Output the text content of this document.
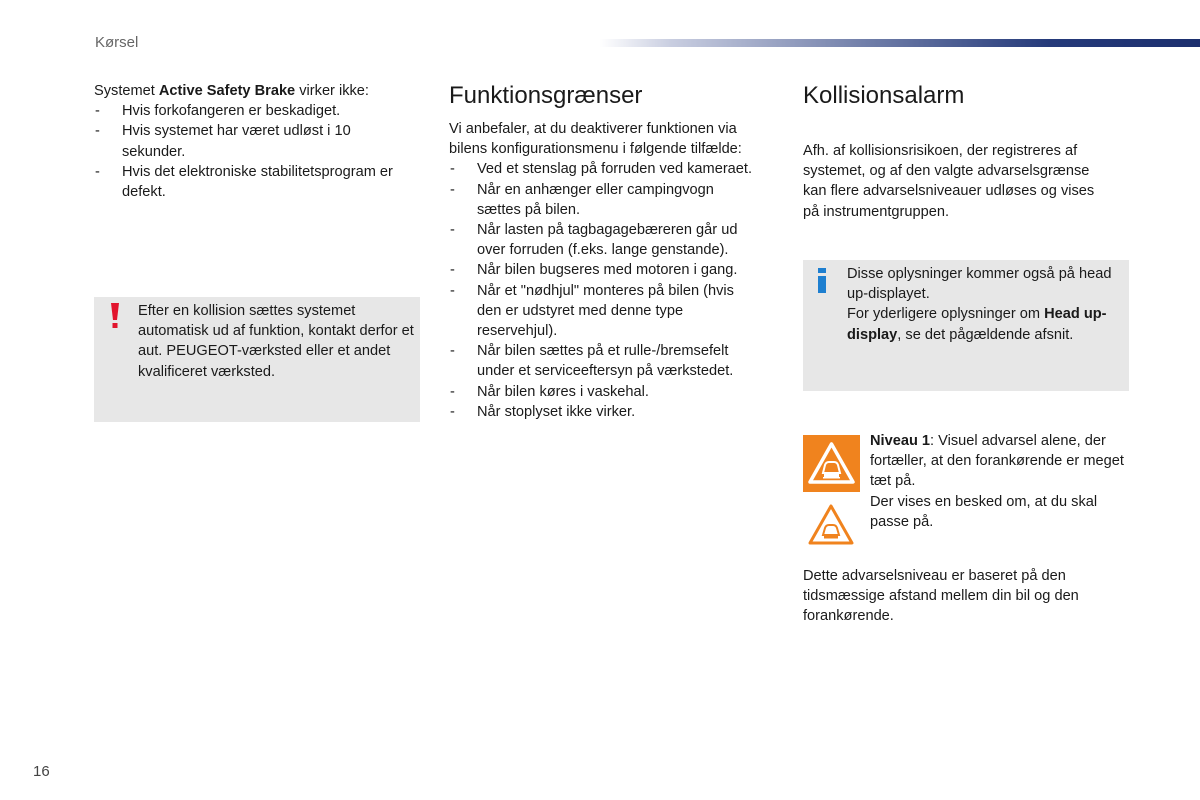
Kørsel

Systemet Active Safety Brake virker ikke:

- Hvis forkofangeren er beskadiget.
- Hvis systemet har været udløst i 10 sekunder.
- Hvis det elektroniske stabilitetsprogram er defekt.
Efter en kollision sættes systemet automatisk ud af funktion, kontakt derfor et aut. PEUGEOT-værksted eller et andet kvalificeret værksted.
Funktionsgrænser

Vi anbefaler, at du deaktiverer funktionen via bilens konfigurationsmenu i følgende tilfælde:

- Ved et stenslag på forruden ved kameraet.
- Når en anhænger eller campingvogn sættes på bilen.
- Når lasten på tagbagagebæreren går ud over forruden (f.eks. lange genstande).
- Når bilen bugseres med motoren i gang.
- Når et "nødhjul" monteres på bilen (hvis den er udstyret med denne type reservehjul).
- Når bilen sættes på et rulle-/bremsefelt under et serviceeftersyn på værkstedet.
- Når bilen køres i vaskehal.
- Når stoplyset ikke virker.
Kollisionsalarm

Afh. af kollisionsrisikoen, der registreres af systemet, og af den valgte advarselsgrænse kan flere advarselsniveauer udløses og vises på instrumentgruppen.

Disse oplysninger kommer også på head up-displayet.

For yderligere oplysninger om Head up-display, se det pågældende afsnit.

Niveau 1: Visuel advarsel alene, der fortæller, at den forankørende er meget tæt på.

Der vises en besked om, at du skal passe på.

Dette advarselsniveau er baseret på den tidsmæssige afstand mellem din bil og den forankørende.
16
